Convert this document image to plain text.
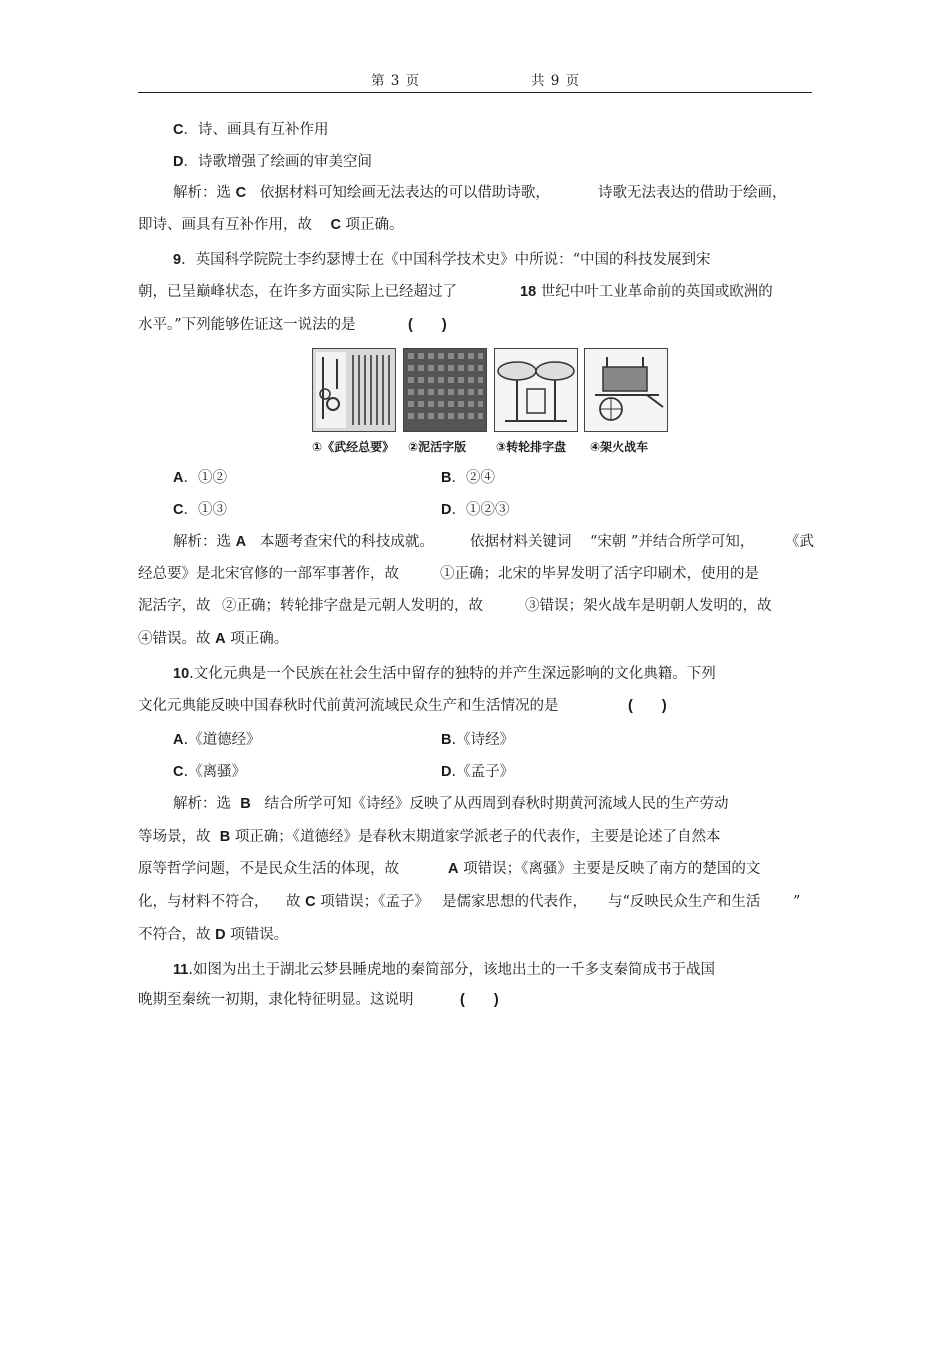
第 3 页	共 9 页
C．诗、画具有互补作用
D．诗歌增强了绘画的审美空间
解析：选 C 依据材料可知绘画无法表达的可以借助诗歌，	诗歌无法表达的借助于绘画，
即诗、画具有互补作用，故 C 项正确。
9．英国科学院院士李约瑟博士在《中国科学技术史》中所说：“中国的科技发展到宋
朝，已呈巅峰状态，在许多方面实际上已经超过了	18 世纪中叶工业革命前的英国或欧洲的
水平。”下列能够佐证这一说法的是	(　　)
①《武经总要》 ②泥活字版 ③转轮排字盘 ④架火战车
A．①②	B．②④
C．①③	D．①②③
解析：选 A 本题考查宋代的科技成就。 依据材料关键词 “宋朝 ”并结合所学可知， 《武
经总要》是北宋官修的一部军事著作，故	①正确；北宋的毕昇发明了活字印刷术，使用的是
泥活字，故 ②正确；转轮排字盘是元朝人发明的，故	③错误；架火战车是明朝人发明的，故
④错误。故 A 项正确。
10.文化元典是一个民族在社会生活中留存的独特的并产生深远影响的文化典籍。下列
文化元典能反映中国春秋时代前黄河流域民众生产和生活情况的是	(　　)
A.《道德经》	B.《诗经》
C.《离骚》	D.《孟子》
解析：选 B 结合所学可知《诗经》反映了从西周到春秋时期黄河流域人民的生产劳动
等场景，故 B 项正确；《道德经》是春秋末期道家学派老子的代表作，主要是论述了自然本
原等哲学问题，不是民众生活的体现，故	A 项错误；《离骚》主要是反映了南方的楚国的文
化，与材料不符合， 故 C 项错误；《孟子》 是儒家思想的代表作， 与“反映民众生产和生活 ”
不符合，故 D 项错误。
11.如图为出土于湖北云梦县睡虎地的秦简部分，该地出土的一千多支秦简成书于战国
晚期至秦统一初期，隶化特征明显。这说明	(　　)
